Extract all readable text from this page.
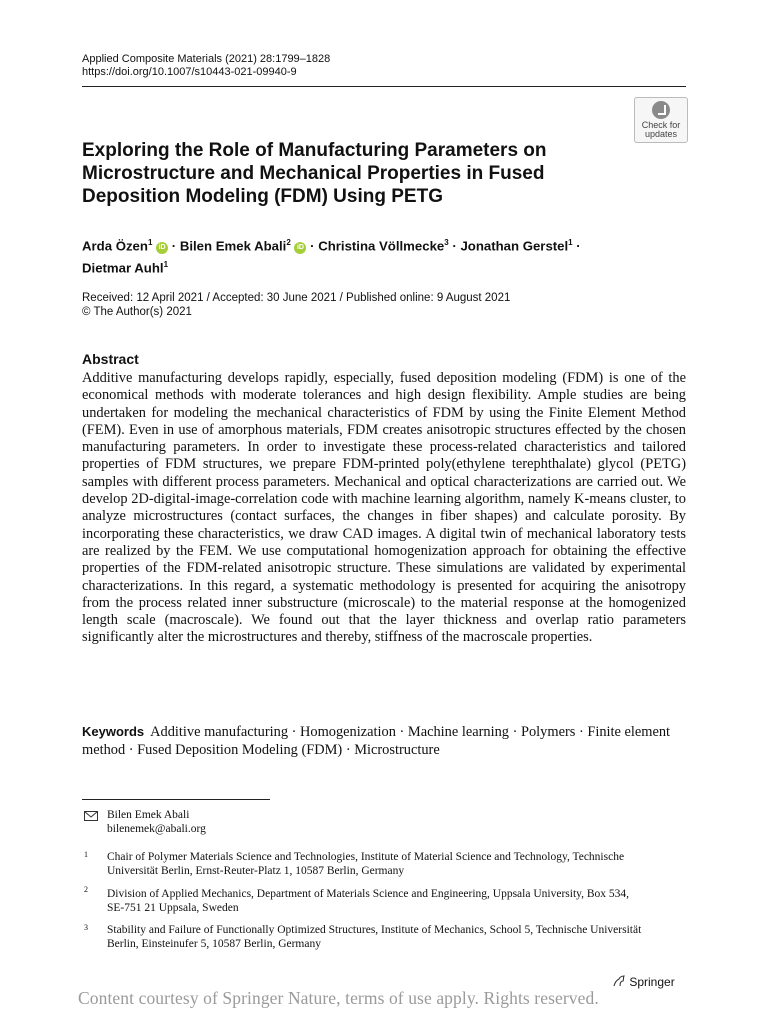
Applied Composite Materials (2021) 28:1799–1828
https://doi.org/10.1007/s10443-021-09940-9
Check for
updates
Exploring the Role of Manufacturing Parameters on Microstructure and Mechanical Properties in Fused Deposition Modeling (FDM) Using PETG
Arda Özen$^1$ iD · Bilen Emek Abali$^2$ iD · Christina Völlmecke$^3$ · Jonathan Gerstel$^1$ ·
Dietmar Auhl$^1$
Received: 12 April 2021 / Accepted: 30 June 2021 / Published online: 9 August 2021
© The Author(s) 2021
Abstract
Additive manufacturing develops rapidly, especially, fused deposition modeling (FDM) is one of the economical methods with moderate tolerances and high design flexibility. Ample studies are being undertaken for modeling the mechanical characteristics of FDM by using the Finite Element Method (FEM). Even in use of amorphous materials, FDM creates anisotropic structures effected by the chosen manufacturing parameters. In order to investigate these process-related characteristics and tailored properties of FDM structures, we prepare FDM-printed poly(ethylene terephthalate) glycol (PETG) samples with different process parameters. Mechanical and optical characterizations are carried out. We develop 2D-digital-image-correlation code with machine learning algorithm, namely K-means cluster, to analyze microstructures (contact surfaces, the changes in fiber shapes) and calculate porosity. By incorporating these characteristics, we draw CAD images. A digital twin of mechanical laboratory tests are realized by the FEM. We use computational homogenization approach for obtaining the effective properties of the FDM-related anisotropic structure. These simulations are validated by experimental characterizations. In this regard, a systematic methodology is presented for acquiring the anisotropy from the process related inner substructure (microscale) to the material response at the homogenized length scale (macroscale). We found out that the layer thickness and overlap ratio parameters significantly alter the microstructures and thereby, stiffness of the macroscale properties.
Keywords Additive manufacturing · Homogenization · Machine learning · Polymers · Finite element method · Fused Deposition Modeling (FDM) · Microstructure
Bilen Emek Abali
bilenemek@abali.org
1 Chair of Polymer Materials Science and Technologies, Institute of Material Science and Technology, Technische Universität Berlin, Ernst-Reuter-Platz 1, 10587 Berlin, Germany
2 Division of Applied Mechanics, Department of Materials Science and Engineering, Uppsala University, Box 534, SE-751 21 Uppsala, Sweden
3 Stability and Failure of Functionally Optimized Structures, Institute of Mechanics, School 5, Technische Universität Berlin, Einsteinufer 5, 10587 Berlin, Germany
Springer
Content courtesy of Springer Nature, terms of use apply. Rights reserved.
